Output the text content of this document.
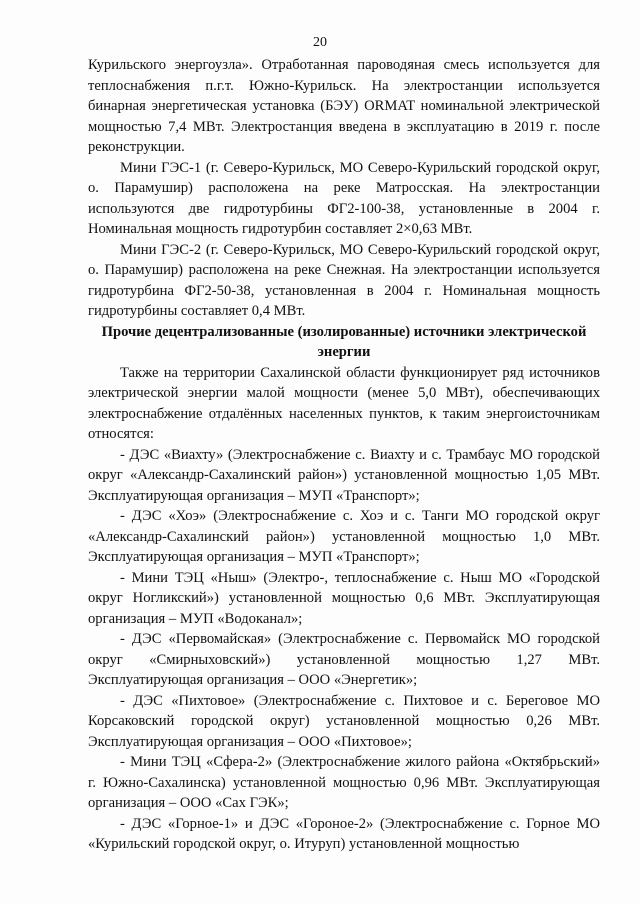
20

Курильского энергоузла». Отработанная пароводяная смесь используется для теплоснабжения п.г.т. Южно-Курильск. На электростанции используется бинарная энергетическая установка (БЭУ) ORMAT номинальной электрической мощностью 7,4 МВт. Электростанция введена в эксплуатацию в 2019 г. после реконструкции.

Мини ГЭС-1 (г. Северо-Курильск, МО Северо-Курильский городской округ, о. Парамушир) расположена на реке Матросская. На электростанции используются две гидротурбины ФГ2-100-38, установленные в 2004 г. Номинальная мощность гидротурбин составляет 2×0,63 МВт.

Мини ГЭС-2 (г. Северо-Курильск, МО Северо-Курильский городской округ, о. Парамушир) расположена на реке Снежная. На электростанции используется гидротурбина ФГ2-50-38, установленная в 2004 г. Номинальная мощность гидротурбины составляет 0,4 МВт.

Прочие децентрализованные (изолированные) источники электрической энергии

Также на территории Сахалинской области функционирует ряд источников электрической энергии малой мощности (менее 5,0 МВт), обеспечивающих электроснабжение отдалённых населенных пунктов, к таким энергоисточникам относятся:

- ДЭС «Виахту» (Электроснабжение с. Виахту и с. Трамбаус МО городской округ «Александр-Сахалинский район») установленной мощностью 1,05 МВт. Эксплуатирующая организация – МУП «Транспорт»;

- ДЭС «Хоэ» (Электроснабжение с. Хоэ и с. Танги МО городской округ «Александр-Сахалинский район») установленной мощностью 1,0 МВт. Эксплуатирующая организация – МУП «Транспорт»;

- Мини ТЭЦ «Ныш» (Электро-, теплоснабжение с. Ныш МО «Городской округ Ногликский») установленной мощностью 0,6 МВт. Эксплуатирующая организация – МУП «Водоканал»;

- ДЭС «Первомайская» (Электроснабжение с. Первомайск МО городской округ «Смирныховский») установленной мощностью 1,27 МВт. Эксплуатирующая организация – ООО «Энергетик»;

- ДЭС «Пихтовое» (Электроснабжение с. Пихтовое и с. Береговое МО Корсаковский городской округ) установленной мощностью 0,26 МВт. Эксплуатирующая организация – ООО «Пихтовое»;

- Мини ТЭЦ «Сфера-2» (Электроснабжение жилого района «Октябрьский» г. Южно-Сахалинска) установленной мощностью 0,96 МВт. Эксплуатирующая организация – ООО «Сах ГЭК»;

- ДЭС «Горное-1» и ДЭС «Гороное-2» (Электроснабжение с. Горное МО «Курильский городской округ, о. Итуруп) установленной мощностью
